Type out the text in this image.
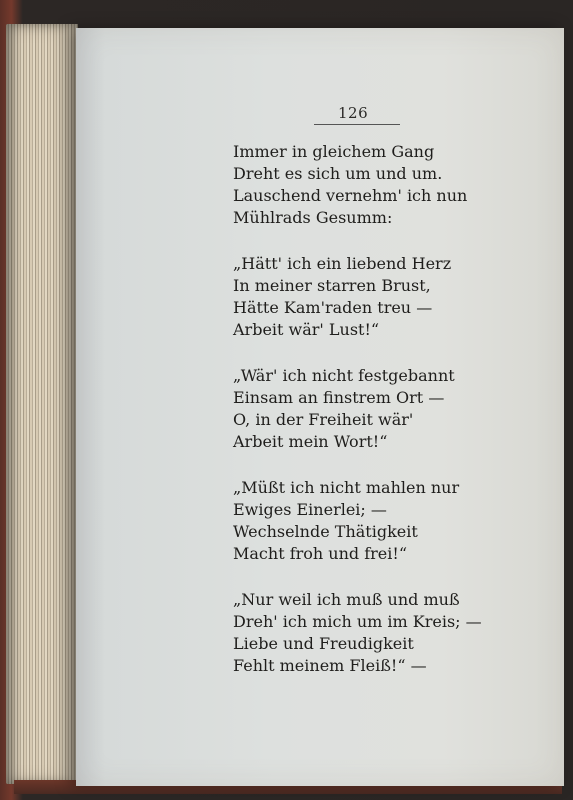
126
Immer in gleichem Gang
Dreht es sich um und um.
Lauschend vernehm' ich nun
Mühlrads Gesumm:
„Hätt' ich ein liebend Herz
In meiner starren Brust,
Hätte Kam'raden treu —
Arbeit wär' Lust!“
„Wär' ich nicht festgebannt
Einsam an finstrem Ort —
O, in der Freiheit wär'
Arbeit mein Wort!“
„Müßt ich nicht mahlen nur
Ewiges Einerlei; —
Wechselnde Thätigkeit
Macht froh und frei!“
„Nur weil ich muß und muß
Dreh' ich mich um im Kreis; —
Liebe und Freudigkeit
Fehlt meinem Fleiß!“ —
